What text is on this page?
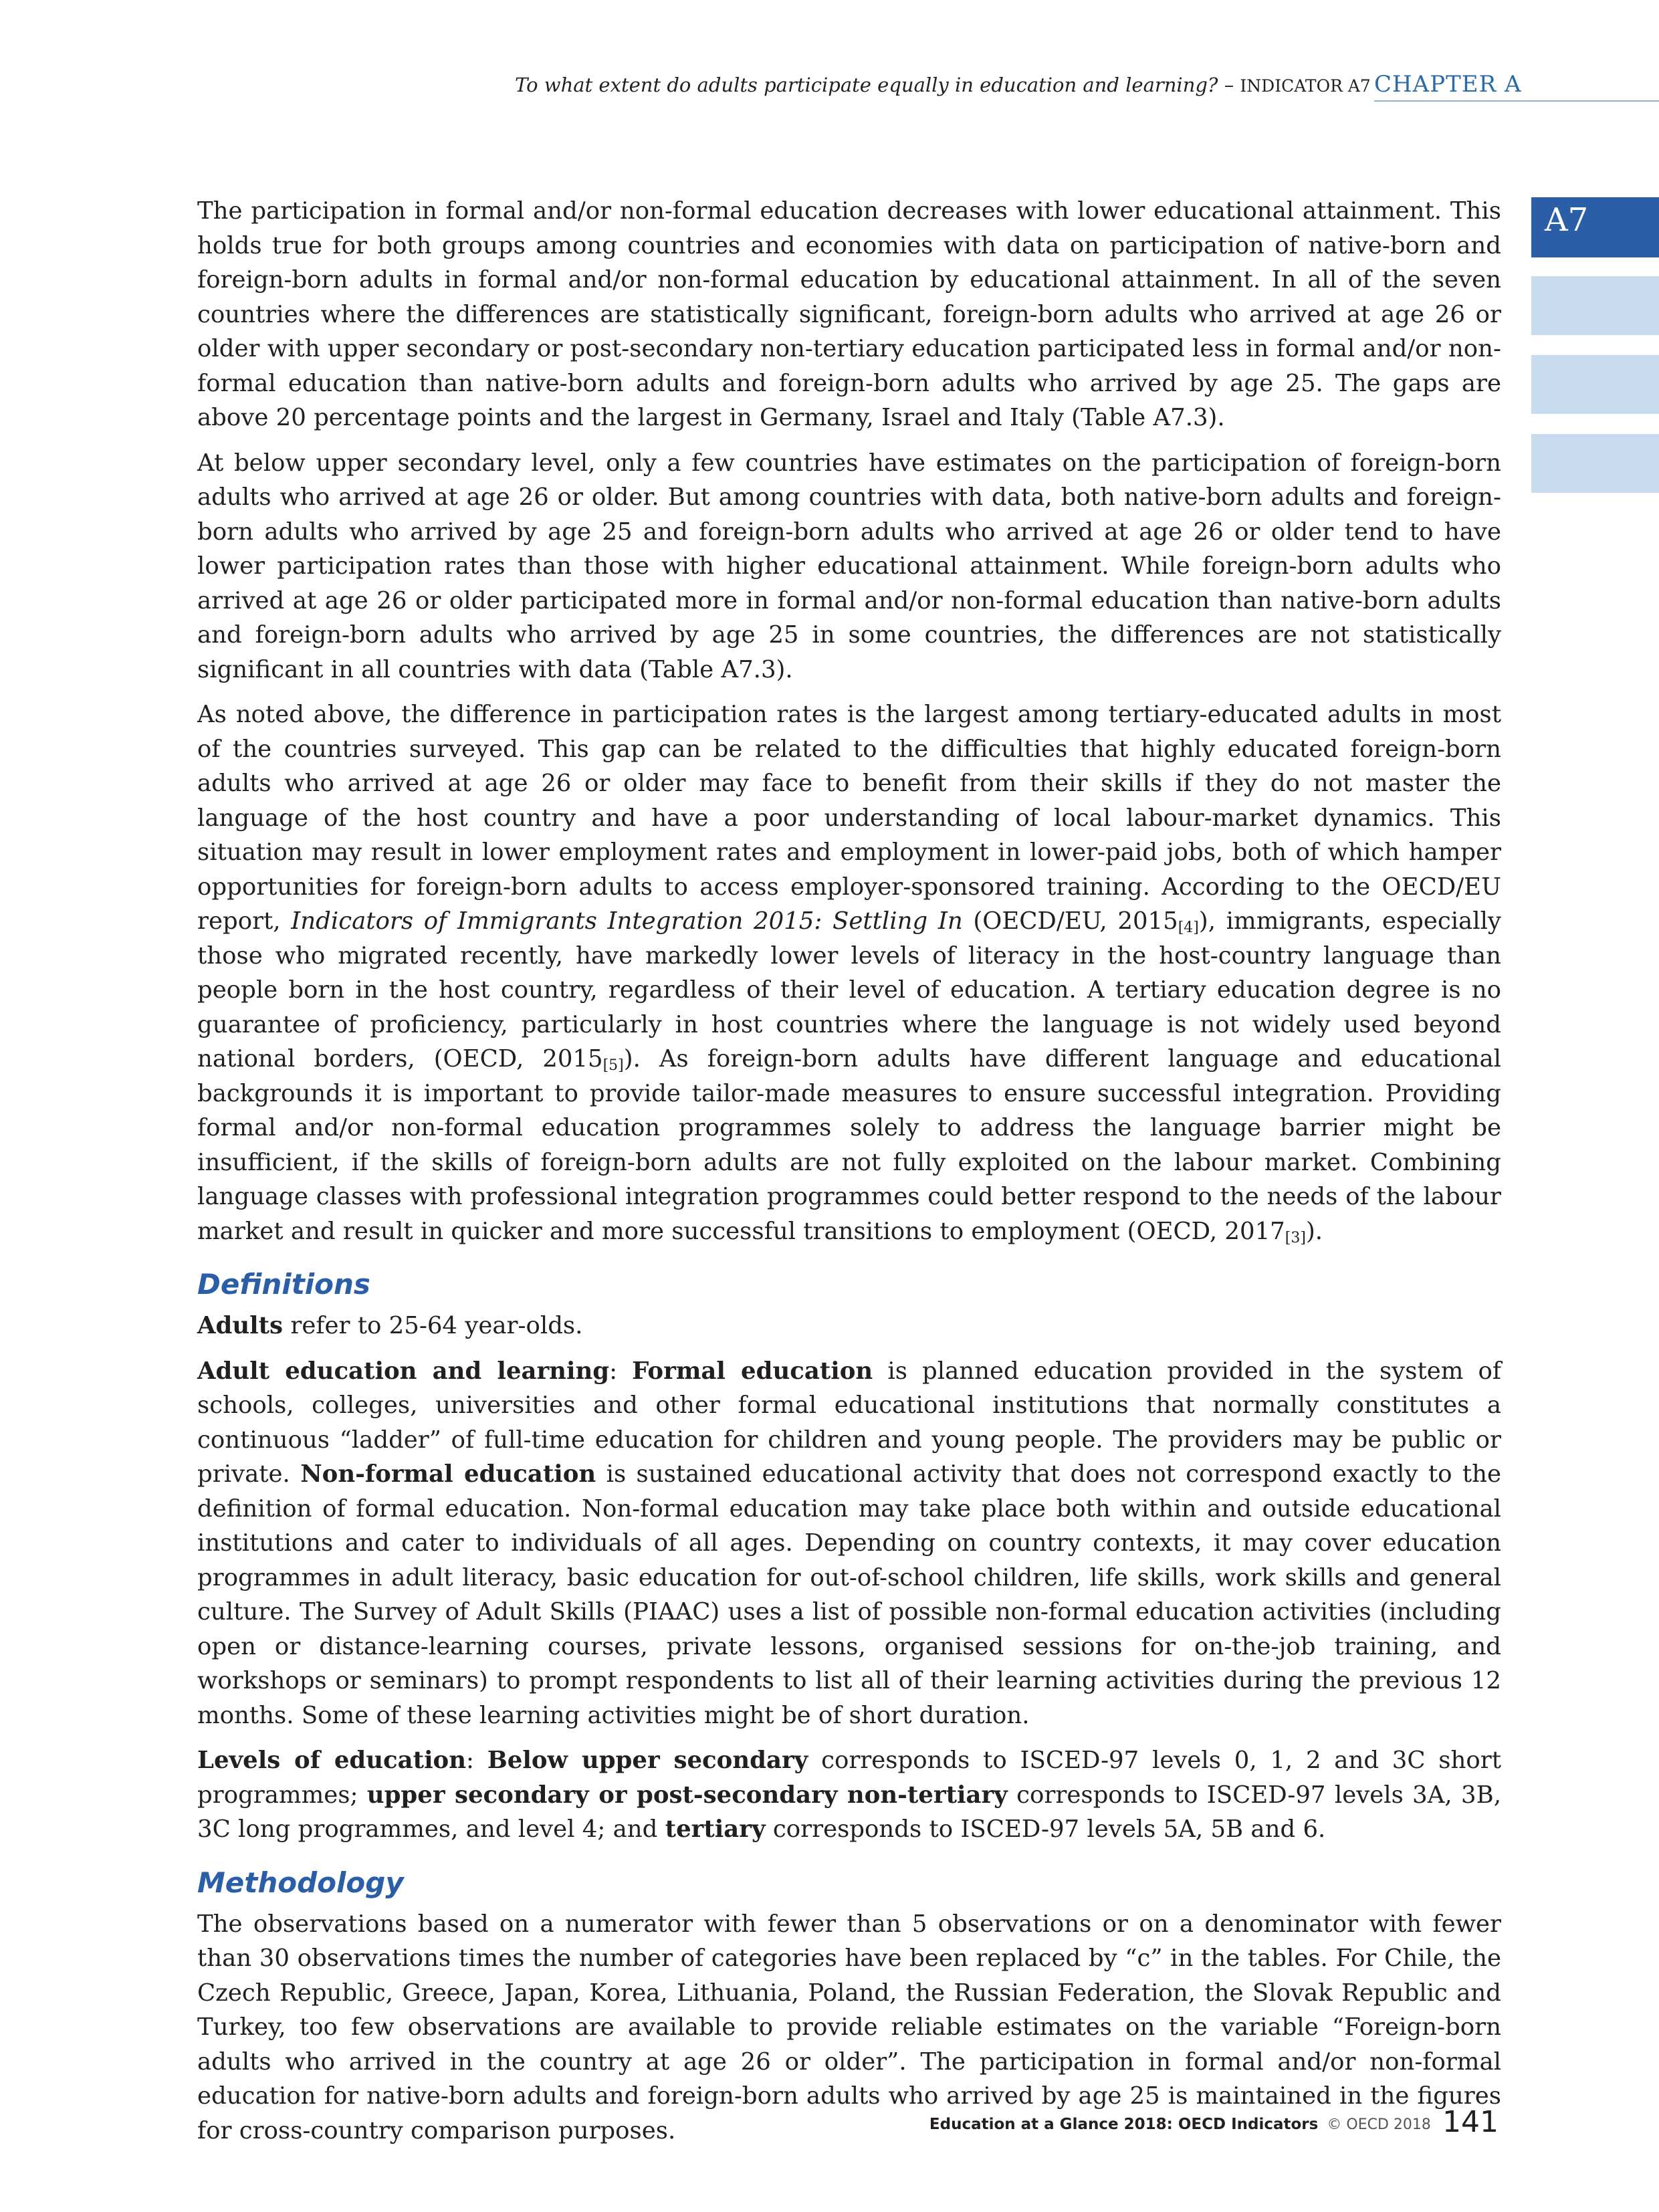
To what extent do adults participate equally in education and learning? – INDICATOR A7 CHAPTER A
A7

The participation in formal and/or non-formal education decreases with lower educational attainment. This holds true for both groups among countries and economies with data on participation of native-born and foreign-born adults in formal and/or non-formal education by educational attainment. In all of the seven countries where the differences are statistically significant, foreign-born adults who arrived at age 26 or older with upper secondary or post-secondary non-tertiary education participated less in formal and/or non-formal education than native-born adults and foreign-born adults who arrived by age 25. The gaps are above 20 percentage points and the largest in Germany, Israel and Italy (Table A7.3).

At below upper secondary level, only a few countries have estimates on the participation of foreign-born adults who arrived at age 26 or older. But among countries with data, both native-born adults and foreign-born adults who arrived by age 25 and foreign-born adults who arrived at age 26 or older tend to have lower participation rates than those with higher educational attainment. While foreign-born adults who arrived at age 26 or older participated more in formal and/or non-formal education than native-born adults and foreign-born adults who arrived by age 25 in some countries, the differences are not statistically significant in all countries with data (Table A7.3).

As noted above, the difference in participation rates is the largest among tertiary-educated adults in most of the countries surveyed. This gap can be related to the difficulties that highly educated foreign-born adults who arrived at age 26 or older may face to benefit from their skills if they do not master the language of the host country and have a poor understanding of local labour-market dynamics. This situation may result in lower employment rates and employment in lower-paid jobs, both of which hamper opportunities for foreign-born adults to access employer-sponsored training. According to the OECD/EU report, Indicators of Immigrants Integration 2015: Settling In (OECD/EU, $2015_{[4]}$), immigrants, especially those who migrated recently, have markedly lower levels of literacy in the host-country language than people born in the host country, regardless of their level of education. A tertiary education degree is no guarantee of proficiency, particularly in host countries where the language is not widely used beyond national borders, (OECD, $2015_{[5]}$). As foreign-born adults have different language and educational backgrounds it is important to provide tailor-made measures to ensure successful integration. Providing formal and/or non-formal education programmes solely to address the language barrier might be insufficient, if the skills of foreign-born adults are not fully exploited on the labour market. Combining language classes with professional integration programmes could better respond to the needs of the labour market and result in quicker and more successful transitions to employment (OECD, $2017_{[3]}$).

Definitions

Adults refer to 25-64 year-olds.

Adult education and learning: Formal education is planned education provided in the system of schools, colleges, universities and other formal educational institutions that normally constitutes a continuous “ladder” of full-time education for children and young people. The providers may be public or private. Non-formal education is sustained educational activity that does not correspond exactly to the definition of formal education. Non-formal education may take place both within and outside educational institutions and cater to individuals of all ages. Depending on country contexts, it may cover education programmes in adult literacy, basic education for out-of-school children, life skills, work skills and general culture. The Survey of Adult Skills (PIAAC) uses a list of possible non-formal education activities (including open or distance-learning courses, private lessons, organised sessions for on-the-job training, and workshops or seminars) to prompt respondents to list all of their learning activities during the previous 12 months. Some of these learning activities might be of short duration.

Levels of education: Below upper secondary corresponds to ISCED-97 levels 0, 1, 2 and 3C short programmes; upper secondary or post-secondary non-tertiary corresponds to ISCED-97 levels 3A, 3B, 3C long programmes, and level 4; and tertiary corresponds to ISCED-97 levels 5A, 5B and 6.

Methodology

The observations based on a numerator with fewer than 5 observations or on a denominator with fewer than 30 observations times the number of categories have been replaced by “c” in the tables. For Chile, the Czech Republic, Greece, Japan, Korea, Lithuania, Poland, the Russian Federation, the Slovak Republic and Turkey, too few observations are available to provide reliable estimates on the variable “Foreign-born adults who arrived in the country at age 26 or older”. The participation in formal and/or non-formal education for native-born adults and foreign-born adults who arrived by age 25 is maintained in the figures for cross-country comparison purposes.	Education at a Glance 2018: OECD Indicators © OECD 2018 141
